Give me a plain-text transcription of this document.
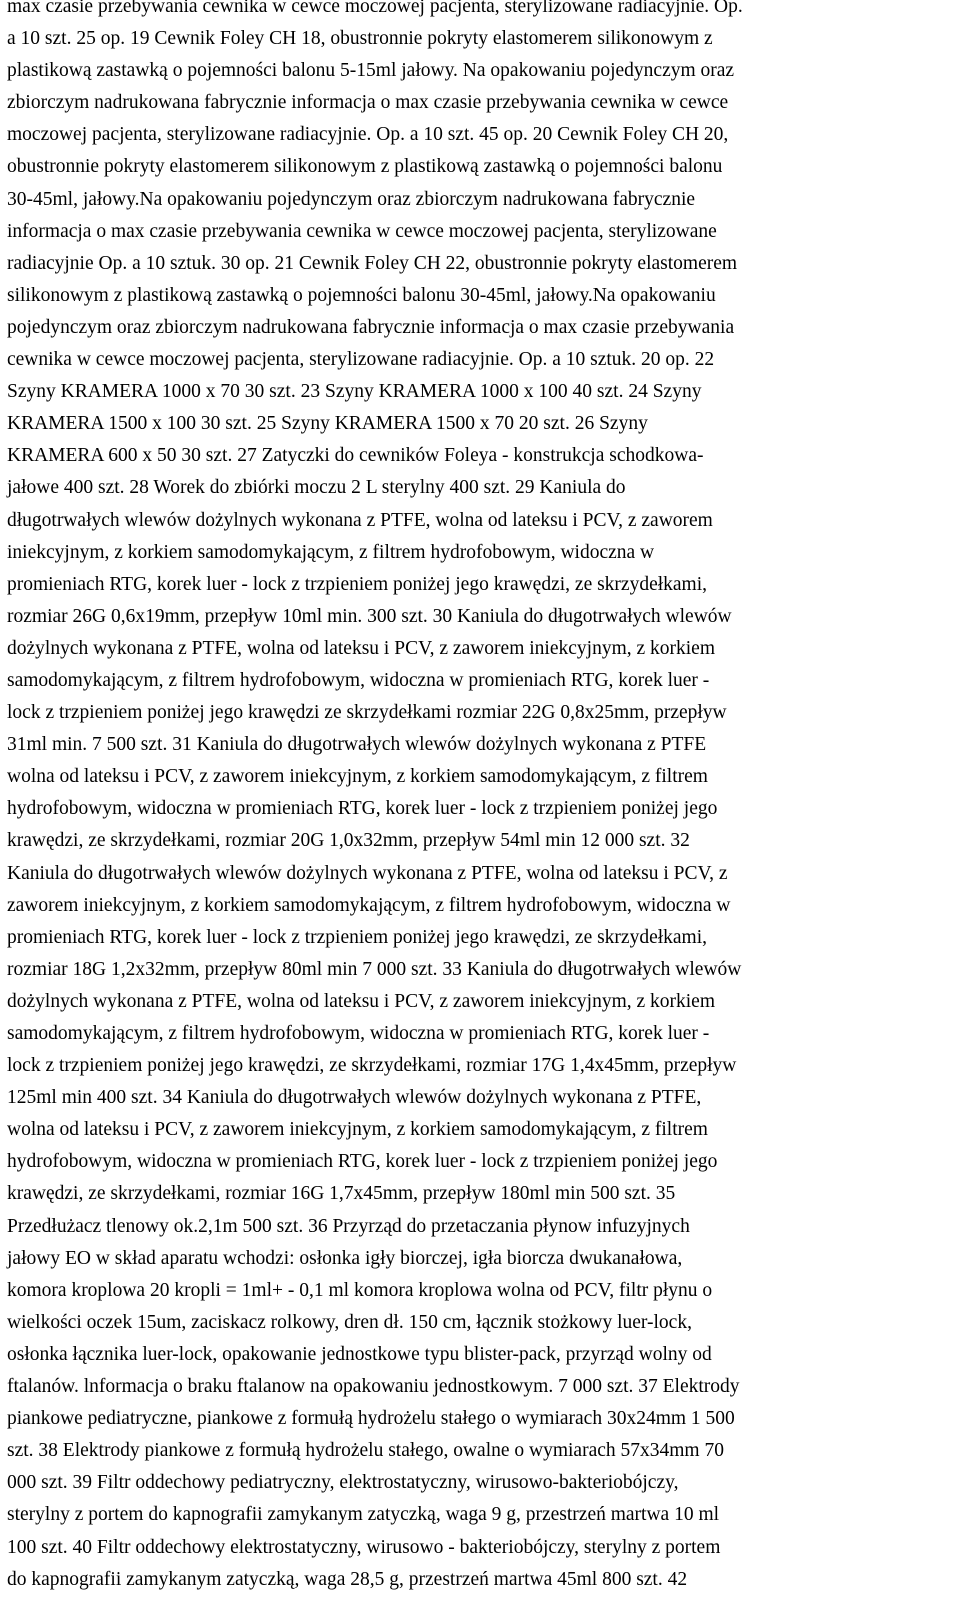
max czasie przebywania cewnika w cewce moczowej pacjenta, sterylizowane radiacyjnie. Op.
a 10 szt. 25 op. 19 Cewnik Foley CH 18, obustronnie pokryty elastomerem silikonowym z
plastikową zastawką o pojemności balonu 5-15ml jałowy. Na opakowaniu pojedynczym oraz
zbiorczym nadrukowana fabrycznie informacja o max czasie przebywania cewnika w cewce
moczowej pacjenta, sterylizowane radiacyjnie. Op. a 10 szt. 45 op. 20 Cewnik Foley CH 20,
obustronnie pokryty elastomerem silikonowym z plastikową zastawką o pojemności balonu
30-45ml, jałowy.Na opakowaniu pojedynczym oraz zbiorczym nadrukowana fabrycznie
informacja o max czasie przebywania cewnika w cewce moczowej pacjenta, sterylizowane
radiacyjnie Op. a 10 sztuk. 30 op. 21 Cewnik Foley CH 22, obustronnie pokryty elastomerem
silikonowym z plastikową zastawką o pojemności balonu 30-45ml, jałowy.Na opakowaniu
pojedynczym oraz zbiorczym nadrukowana fabrycznie informacja o max czasie przebywania
cewnika w cewce moczowej pacjenta, sterylizowane radiacyjnie. Op. a 10 sztuk. 20 op. 22
Szyny KRAMERA 1000 x 70 30 szt. 23 Szyny KRAMERA 1000 x 100 40 szt. 24 Szyny
KRAMERA 1500 x 100 30 szt. 25 Szyny KRAMERA 1500 x 70 20 szt. 26 Szyny
KRAMERA 600 x 50 30 szt. 27 Zatyczki do cewników Foleya - konstrukcja schodkowa-
jałowe 400 szt. 28 Worek do zbiórki moczu 2 L sterylny 400 szt. 29 Kaniula do
długotrwałych wlewów dożylnych wykonana z PTFE, wolna od lateksu i PCV, z zaworem
iniekcyjnym, z korkiem samodomykającym, z filtrem hydrofobowym, widoczna w
promieniach RTG, korek luer - lock z trzpieniem poniżej jego krawędzi, ze skrzydełkami,
rozmiar 26G 0,6x19mm, przepływ 10ml min. 300 szt. 30 Kaniula do długotrwałych wlewów
dożylnych wykonana z PTFE, wolna od lateksu i PCV, z zaworem iniekcyjnym, z korkiem
samodomykającym, z filtrem hydrofobowym, widoczna w promieniach RTG, korek luer -
lock z trzpieniem poniżej jego krawędzi ze skrzydełkami rozmiar 22G 0,8x25mm, przepływ
31ml min. 7 500 szt. 31 Kaniula do długotrwałych wlewów dożylnych wykonana z PTFE
wolna od lateksu i PCV, z zaworem iniekcyjnym, z korkiem samodomykającym, z filtrem
hydrofobowym, widoczna w promieniach RTG, korek luer - lock z trzpieniem poniżej jego
krawędzi, ze skrzydełkami, rozmiar 20G 1,0x32mm, przepływ 54ml min 12 000 szt. 32
Kaniula do długotrwałych wlewów dożylnych wykonana z PTFE, wolna od lateksu i PCV, z
zaworem iniekcyjnym, z korkiem samodomykającym, z filtrem hydrofobowym, widoczna w
promieniach RTG, korek luer - lock z trzpieniem poniżej jego krawędzi, ze skrzydełkami,
rozmiar 18G 1,2x32mm, przepływ 80ml min 7 000 szt. 33 Kaniula do długotrwałych wlewów
dożylnych wykonana z PTFE, wolna od lateksu i PCV, z zaworem iniekcyjnym, z korkiem
samodomykającym, z filtrem hydrofobowym, widoczna w promieniach RTG, korek luer -
lock z trzpieniem poniżej jego krawędzi, ze skrzydełkami, rozmiar 17G 1,4x45mm, przepływ
125ml min 400 szt. 34 Kaniula do długotrwałych wlewów dożylnych wykonana z PTFE,
wolna od lateksu i PCV, z zaworem iniekcyjnym, z korkiem samodomykającym, z filtrem
hydrofobowym, widoczna w promieniach RTG, korek luer - lock z trzpieniem poniżej jego
krawędzi, ze skrzydełkami, rozmiar 16G 1,7x45mm, przepływ 180ml min 500 szt. 35
Przedłużacz tlenowy ok.2,1m 500 szt. 36 Przyrząd do przetaczania płynow infuzyjnych
jałowy EO w skład aparatu wchodzi: osłonka igły biorczej, igła biorcza dwukanałowa,
komora kroplowa 20 kropli = 1ml+ - 0,1 ml komora kroplowa wolna od PCV, filtr płynu o
wielkości oczek 15um, zaciskacz rolkowy, dren dł. 150 cm, łącznik stożkowy luer-lock,
osłonka łącznika luer-lock, opakowanie jednostkowe typu blister-pack, przyrząd wolny od
ftalanów. lnformacja o braku ftalanow na opakowaniu jednostkowym. 7 000 szt. 37 Elektrody
piankowe pediatryczne, piankowe z formułą hydrożelu stałego o wymiarach 30x24mm 1 500
szt. 38 Elektrody piankowe z formułą hydrożelu stałego, owalne o wymiarach 57x34mm 70
000 szt. 39 Filtr oddechowy pediatryczny, elektrostatyczny, wirusowo-bakteriobójczy,
sterylny z portem do kapnografii zamykanym zatyczką, waga 9 g, przestrzeń martwa 10 ml
100 szt. 40 Filtr oddechowy elektrostatyczny, wirusowo - bakteriobójczy, sterylny z portem
do kapnografii zamykanym zatyczką, waga 28,5 g, przestrzeń martwa 45ml 800 szt. 42
